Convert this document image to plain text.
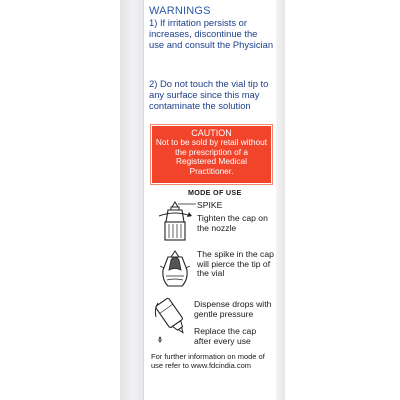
WARNINGS
1) If irritation persists or increases, discontinue the use and consult the Physician
2) Do not touch the vial tip to any surface since this may contaminate the solution
CAUTION
Not to be sold by retail without the prescription of a Registered Medical Practitioner.
MODE OF USE
SPIKE
Tighten the cap on the nozzle
The spike in the cap will pierce the tip of the vial
Dispense drops with gentle pressure
Replace the cap after every use
For further information on mode of use refer to www.fdcindia.com
